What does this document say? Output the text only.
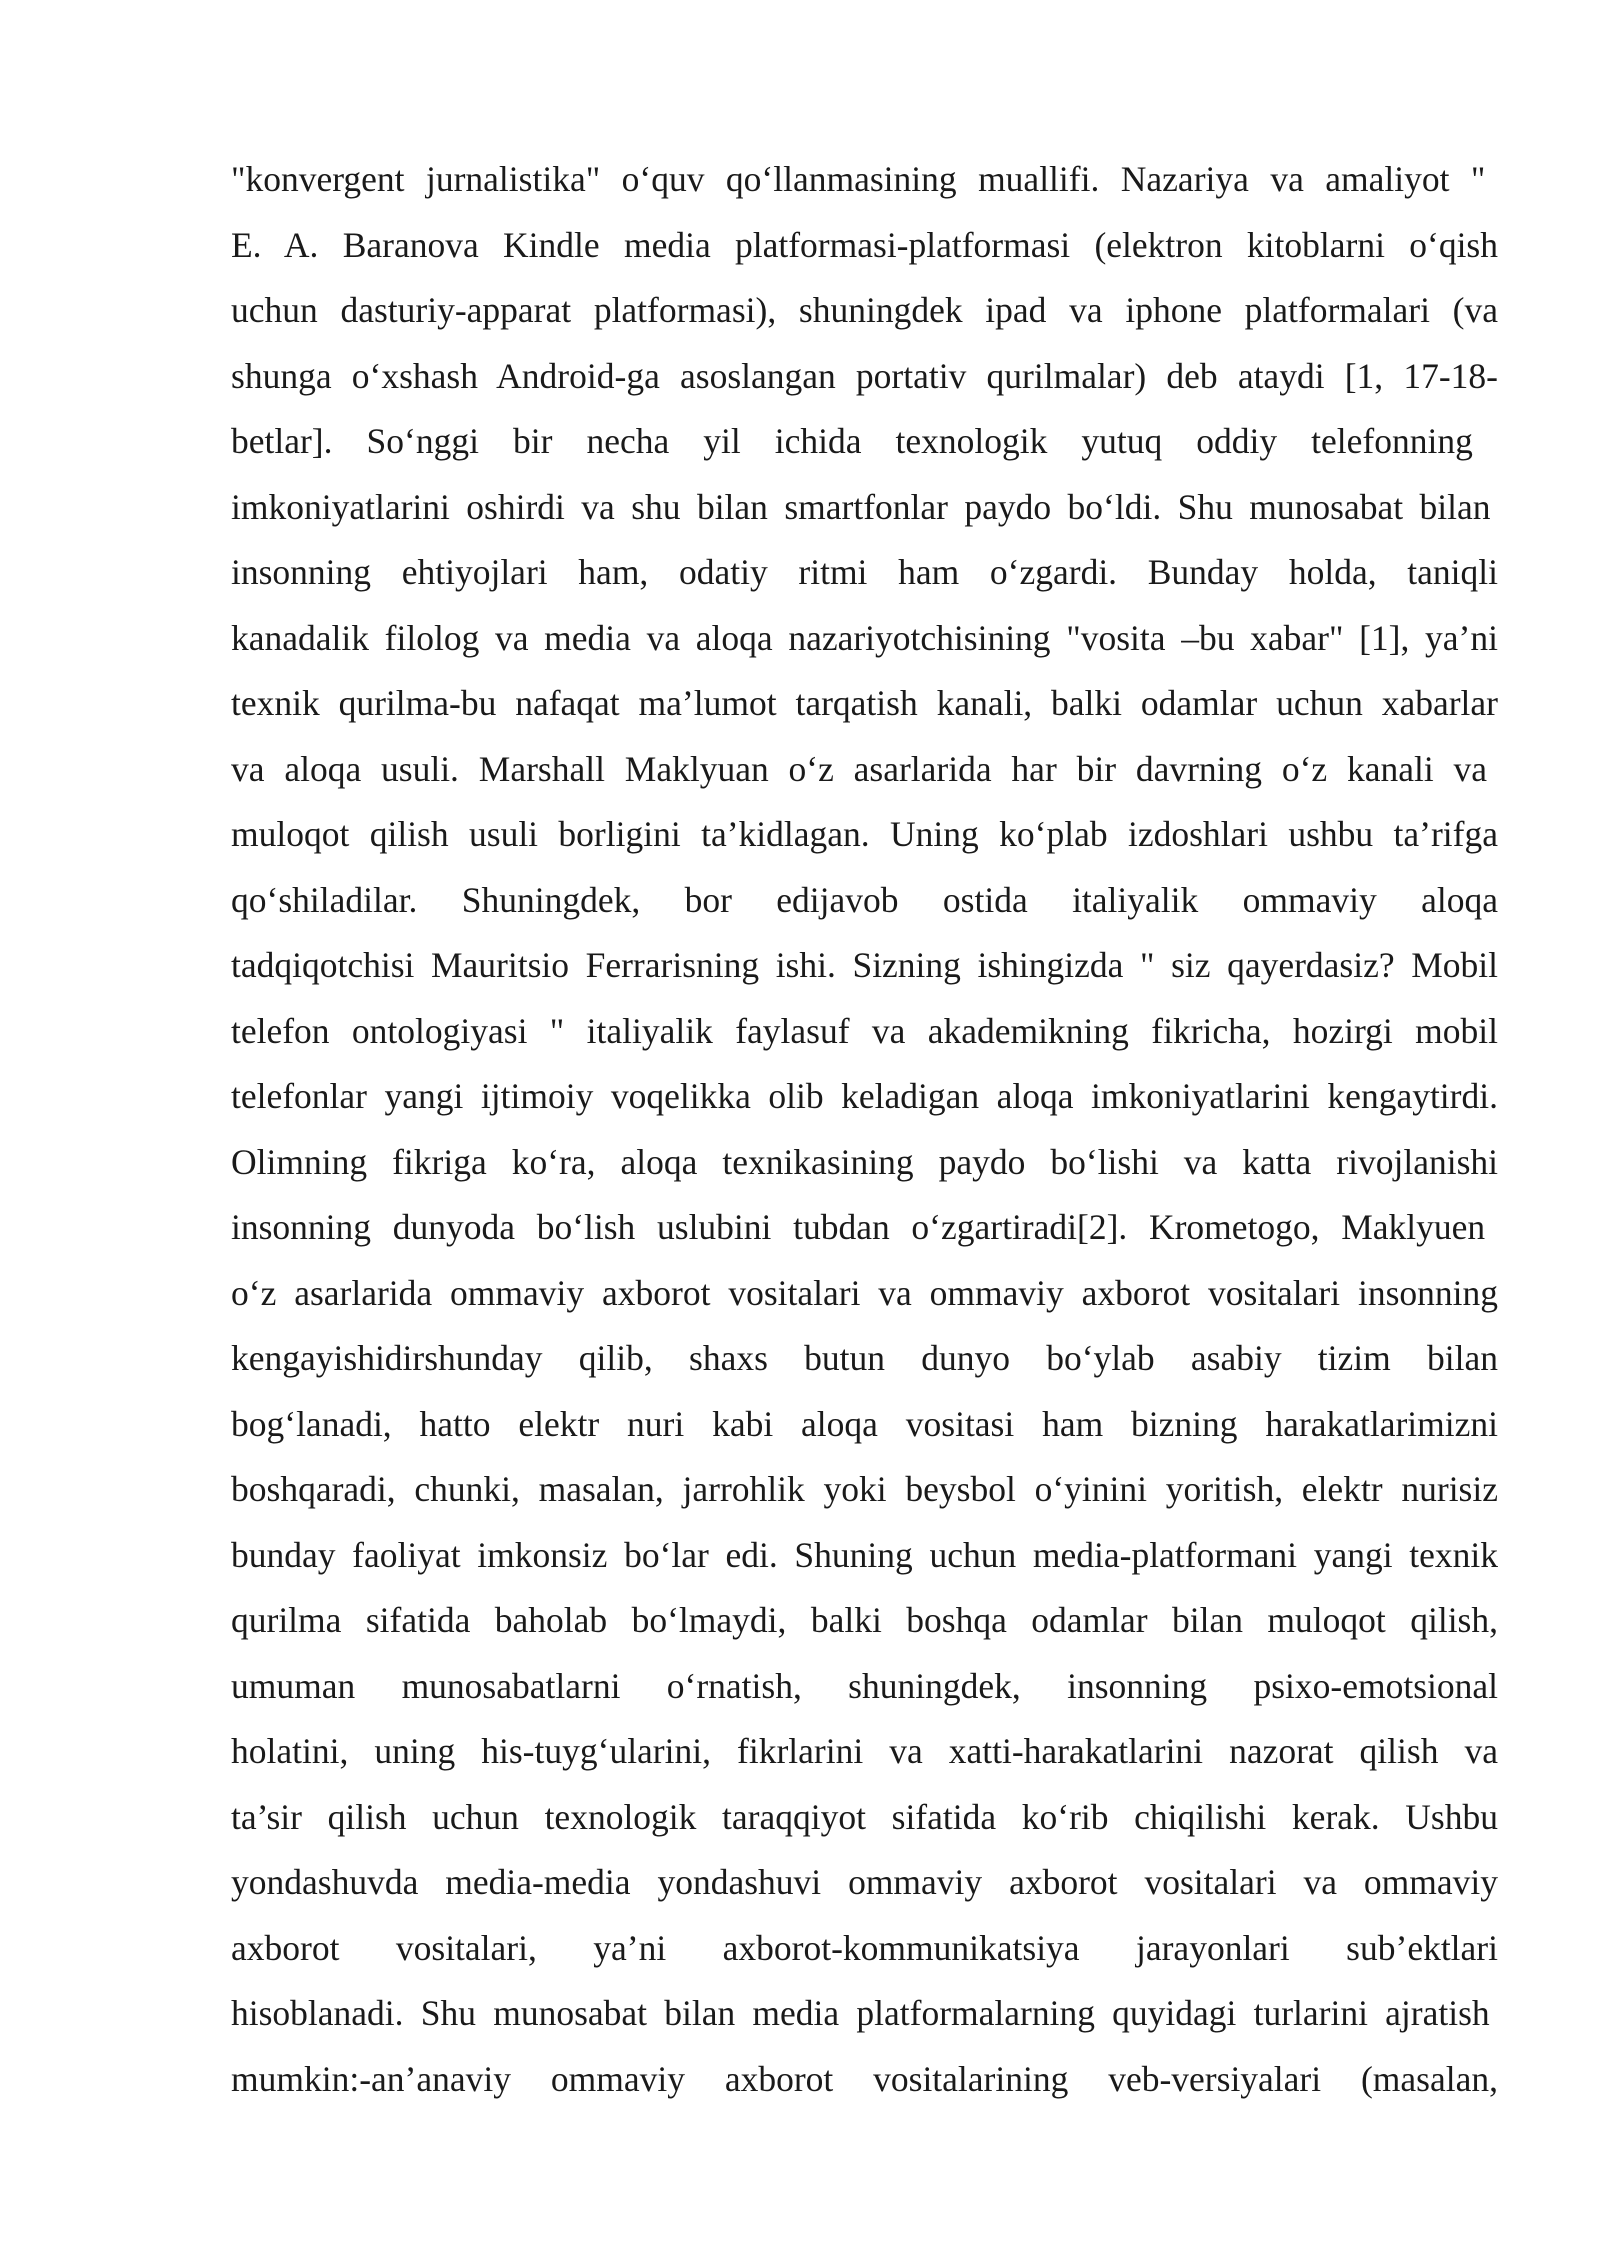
"konvergent jurnalistika" o‘quv qo‘llanmasining muallifi. Nazariya va amaliyot "
E. A. Baranova Kindle media platformasi-platformasi (elektron kitoblarni o‘qish
uchun dasturiy-apparat platformasi), shuningdek ipad va iphone platformalari (va
shunga o‘xshash Android-ga asoslangan portativ qurilmalar) deb ataydi [1, 17-18-
betlar]. So‘nggi bir necha yil ichida texnologik yutuq oddiy telefonning
imkoniyatlarini oshirdi va shu bilan smartfonlar paydo bo‘ldi. Shu munosabat bilan
insonning ehtiyojlari ham, odatiy ritmi ham o‘zgardi. Bunday holda, taniqli
kanadalik filolog va media va aloqa nazariyotchisining "vosita –bu xabar" [1], ya’ni
texnik qurilma-bu nafaqat ma’lumot tarqatish kanali, balki odamlar uchun xabarlar
va aloqa usuli. Marshall Maklyuan o‘z asarlarida har bir davrning o‘z kanali va
muloqot qilish usuli borligini ta’kidlagan. Uning ko‘plab izdoshlari ushbu ta’rifga
qo‘shiladilar. Shuningdek, bor edijavob ostida italiyalik ommaviy aloqa
tadqiqotchisi Mauritsio Ferrarisning ishi. Sizning ishingizda " siz qayerdasiz? Mobil
telefon ontologiyasi " italiyalik faylasuf va akademikning fikricha, hozirgi mobil
telefonlar yangi ijtimoiy voqelikka olib keladigan aloqa imkoniyatlarini kengaytirdi.
Olimning fikriga ko‘ra, aloqa texnikasining paydo bo‘lishi va katta rivojlanishi
insonning dunyoda bo‘lish uslubini tubdan o‘zgartiradi[2]. Krometogo, Maklyuen
o‘z asarlarida ommaviy axborot vositalari va ommaviy axborot vositalari insonning
kengayishidirshunday qilib, shaxs butun dunyo bo‘ylab asabiy tizim bilan
bog‘lanadi, hatto elektr nuri kabi aloqa vositasi ham bizning harakatlarimizni
boshqaradi, chunki, masalan, jarrohlik yoki beysbol o‘yinini yoritish, elektr nurisiz
bunday faoliyat imkonsiz bo‘lar edi. Shuning uchun media-platformani yangi texnik
qurilma sifatida baholab bo‘lmaydi, balki boshqa odamlar bilan muloqot qilish,
umuman munosabatlarni o‘rnatish, shuningdek, insonning psixo-emotsional
holatini, uning his-tuyg‘ularini, fikrlarini va xatti-harakatlarini nazorat qilish va
ta’sir qilish uchun texnologik taraqqiyot sifatida ko‘rib chiqilishi kerak. Ushbu
yondashuvda media-media yondashuvi ommaviy axborot vositalari va ommaviy
axborot vositalari, ya’ni axborot-kommunikatsiya jarayonlari sub’ektlari
hisoblanadi. Shu munosabat bilan media platformalarning quyidagi turlarini ajratish
mumkin:-an’anaviy ommaviy axborot vositalarining veb-versiyalari (masalan,
